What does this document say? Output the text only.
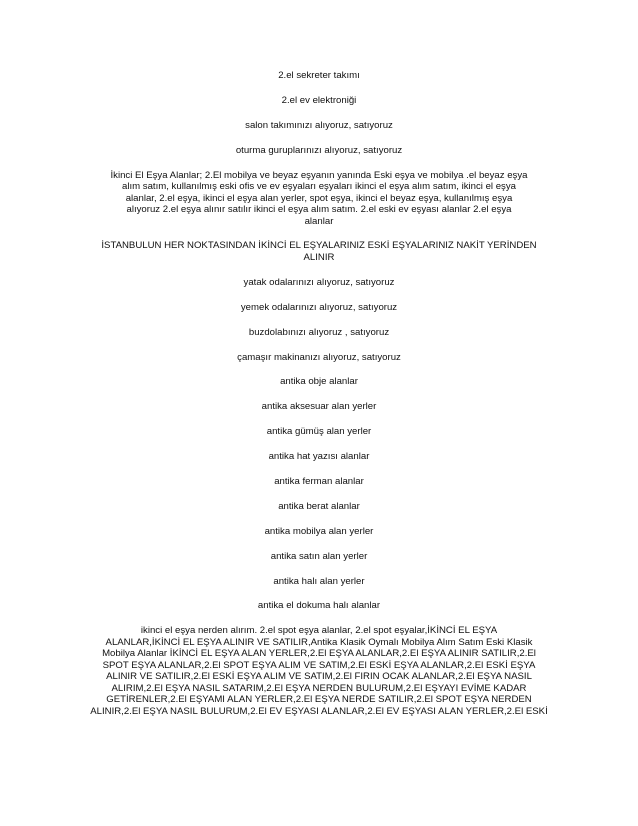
2.el sekreter takımı
2.el ev elektroniği
salon takımınızı alıyoruz, satıyoruz
oturma guruplarınızı alıyoruz, satıyoruz
İkinci El Eşya Alanlar; 2.El mobilya ve beyaz eşyanın yanında Eski eşya ve mobilya .el beyaz eşya
alım satım, kullanılmış eski ofis ve ev eşyaları eşyaları ikinci el eşya alım satım, ikinci el eşya
alanlar, 2.el eşya, ikinci el eşya alan yerler, spot eşya, ikinci el beyaz eşya, kullanılmış eşya
alıyoruz 2.el eşya alınır satılır ikinci el eşya alım satım. 2.el eski ev eşyası alanlar 2.el eşya
alanlar
İSTANBULUN HER NOKTASINDAN İKİNCİ EL EŞYALARINIZ ESKİ EŞYALARINIZ NAKİT YERİNDEN
ALINIR
yatak odalarınızı alıyoruz, satıyoruz
yemek odalarınızı alıyoruz, satıyoruz
buzdolabınızı alıyoruz , satıyoruz
çamaşır makinanızı alıyoruz, satıyoruz
antika obje alanlar
antika aksesuar alan yerler
antika gümüş alan yerler
antika hat yazısı alanlar
antika ferman alanlar
antika berat alanlar
antika mobilya alan yerler
antika satın alan yerler
antika halı alan yerler
antika el dokuma halı alanlar
ikinci el eşya nerden alırım. 2.el spot eşya alanlar, 2.el spot eşyalar,İKİNCİ EL EŞYA
ALANLAR,İKİNCİ EL EŞYA ALINIR VE SATILIR,Antika Klasik Oymalı Mobilya Alım Satım Eski Klasik
Mobilya Alanlar İKİNCİ EL EŞYA ALAN YERLER,2.El EŞYA ALANLAR,2.El EŞYA ALINIR SATILIR,2.El
SPOT EŞYA ALANLAR,2.El SPOT EŞYA ALIM VE SATIM,2.El ESKİ EŞYA ALANLAR,2.El ESKİ EŞYA
ALINIR VE SATILIR,2.El ESKİ EŞYA ALIM VE SATIM,2.El FIRIN OCAK ALANLAR,2.El EŞYA NASIL
ALIRIM,2.El EŞYA NASIL SATARIM,2.El EŞYA NERDEN BULURUM,2.El EŞYAYI EVİME KADAR
GETİRENLER,2.El EŞYAMI ALAN YERLER,2.El EŞYA NERDE SATILIR,2.El SPOT EŞYA NERDEN
ALINIR,2.El EŞYA NASIL BULURUM,2.El EV EŞYASI ALANLAR,2.El EV EŞYASI ALAN YERLER,2.El ESKİ
